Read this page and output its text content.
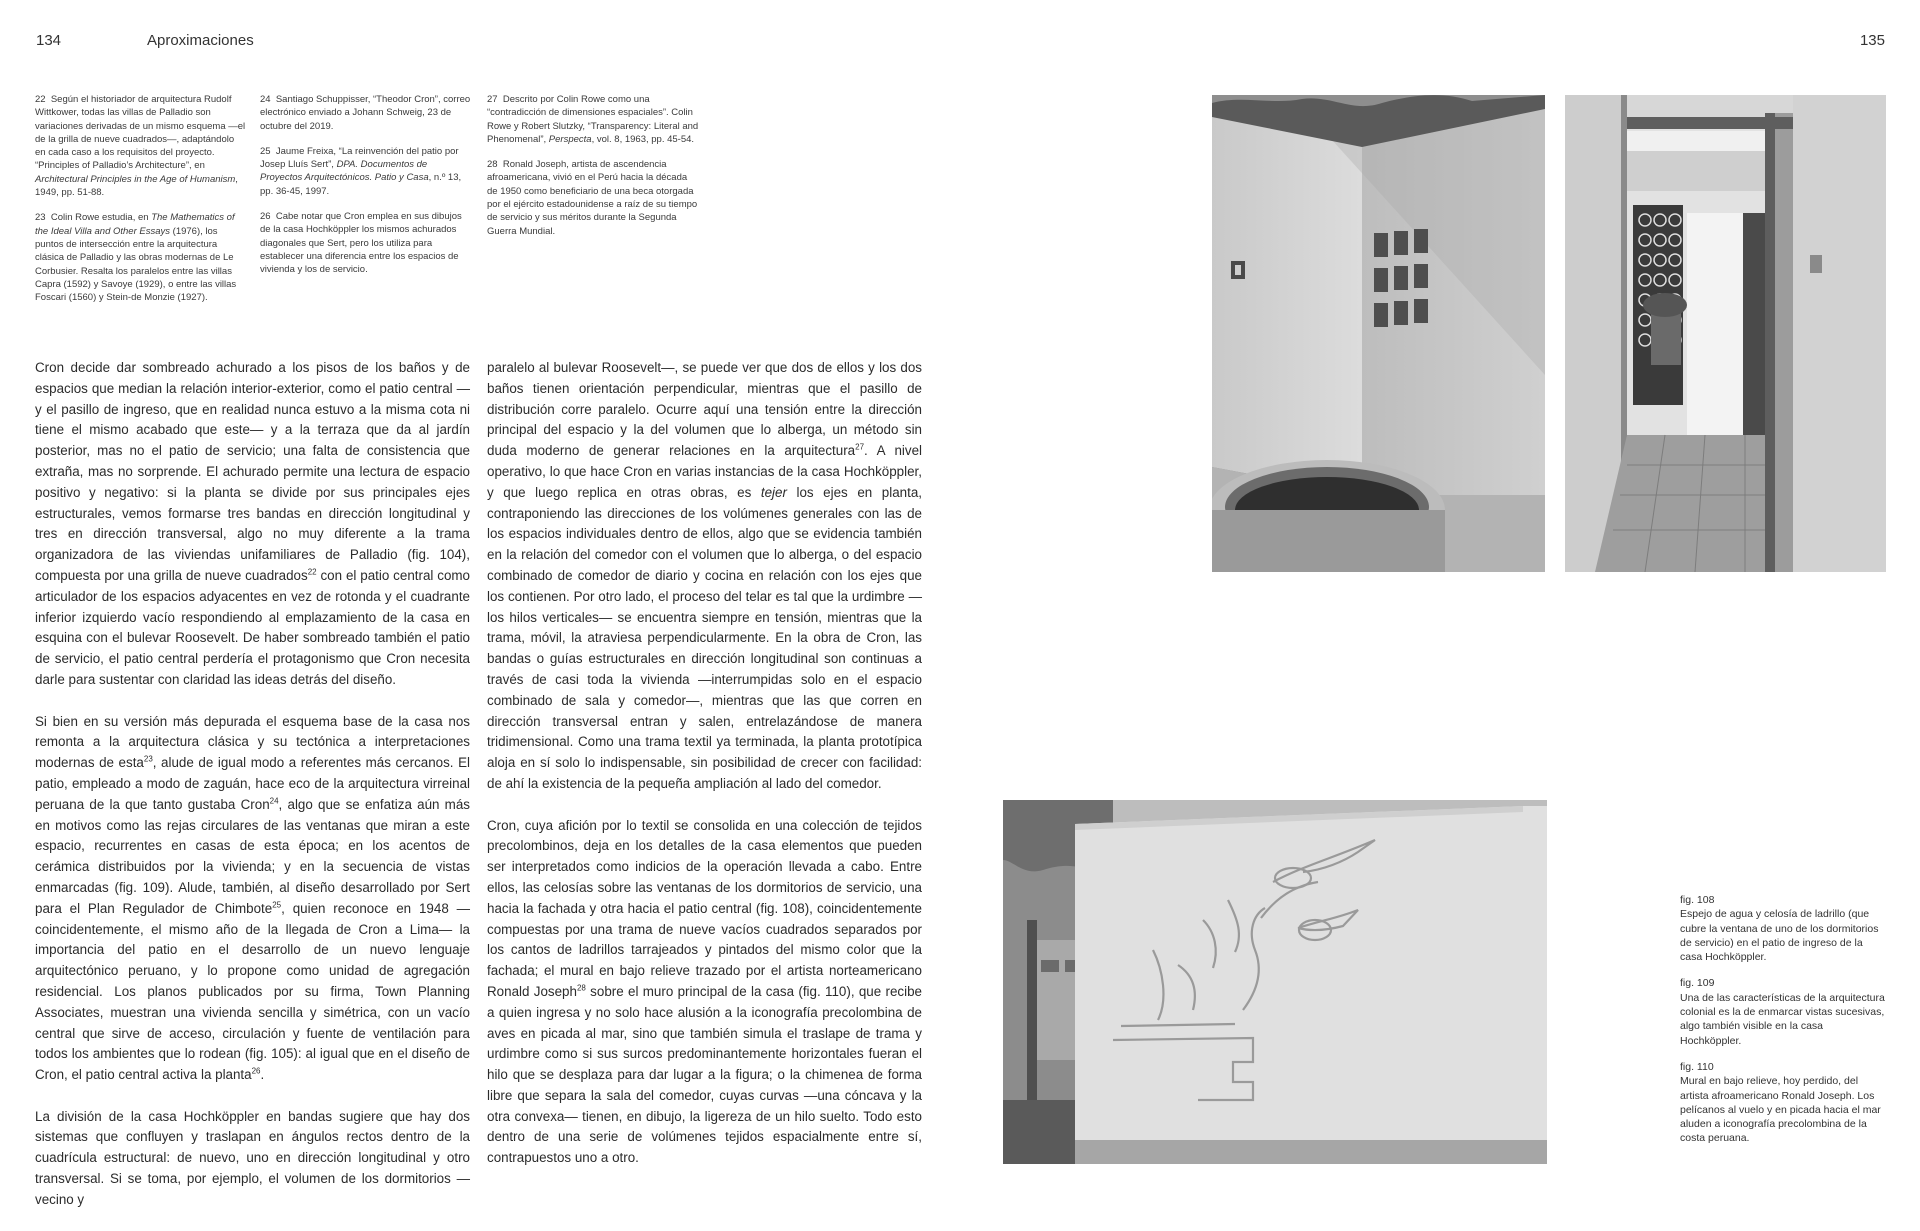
134	Aproximaciones	135

22  Según el historiador de arquitectura Rudolf Wittkower, todas las villas de Palladio son variaciones derivadas de un mismo esquema —el de la grilla de nueve cuadrados—, adaptándolo en cada caso a los requisitos del proyecto. “Principles of Palladio’s Architecture”, en Architectural Principles in the Age of Humanism, 1949, pp. 51-88.

23  Colin Rowe estudia, en The Mathematics of the Ideal Villa and Other Essays (1976), los puntos de intersección entre la arquitectura clásica de Palladio y las obras modernas de Le Corbusier. Resalta los paralelos entre las villas Capra (1592) y Savoye (1929), o entre las villas Foscari (1560) y Stein-de Monzie (1927).

24  Santiago Schuppisser, “Theodor Cron”, correo electrónico enviado a Johann Schweig, 23 de octubre del 2019.

25  Jaume Freixa, “La reinvención del patio por Josep Lluís Sert”, DPA. Documentos de Proyectos Arquitectónicos. Patio y Casa, n.º 13, pp. 36-45, 1997.

26  Cabe notar que Cron emplea en sus dibujos de la casa Hochköppler los mismos achurados diagonales que Sert, pero los utiliza para establecer una diferencia entre los espacios de vivienda y los de servicio.

27  Descrito por Colin Rowe como una “contradicción de dimensiones espaciales”. Colin Rowe y Robert Slutzky, “Transparency: Literal and Phenomenal”, Perspecta, vol. 8, 1963, pp. 45-54.

28  Ronald Joseph, artista de ascendencia afroamericana, vivió en el Perú hacia la década de 1950 como beneficiario de una beca otorgada por el ejército estadounidense a raíz de su tiempo de servicio y sus méritos durante la Segunda Guerra Mundial.

Cron decide dar sombreado achurado a los pisos de los baños y de espacios que median la relación interior-exterior, como el patio central —y el pasillo de ingreso, que en realidad nunca estuvo a la misma cota ni tiene el mismo acabado que este— y a la terraza que da al jardín posterior, mas no el patio de servicio; una falta de consistencia que extraña, mas no sorprende. El achurado permite una lectura de espacio positivo y negativo: si la planta se divide por sus principales ejes estructurales, vemos formarse tres bandas en dirección longitudinal y tres en dirección transversal, algo no muy diferente a la trama organizadora de las viviendas unifamiliares de Palladio (fig. 104), compuesta por una grilla de nueve cuadrados$^{22}$ con el patio central como articulador de los espacios adyacentes en vez de rotonda y el cuadrante inferior izquierdo vacío respondiendo al emplazamiento de la casa en esquina con el bulevar Roosevelt. De haber sombreado también el patio de servicio, el patio central perdería el protagonismo que Cron necesita darle para sustentar con claridad las ideas detrás del diseño.

Si bien en su versión más depurada el esquema base de la casa nos remonta a la arquitectura clásica y su tectónica a interpretaciones modernas de esta$^{23}$, alude de igual modo a referentes más cercanos. El patio, empleado a modo de zaguán, hace eco de la arquitectura virreinal peruana de la que tanto gustaba Cron$^{24}$, algo que se enfatiza aún más en motivos como las rejas circulares de las ventanas que miran a este espacio, recurrentes en casas de esta época; en los acentos de cerámica distribuidos por la vivienda; y en la secuencia de vistas enmarcadas (fig. 109). Alude, también, al diseño desarrollado por Sert para el Plan Regulador de Chimbote$^{25}$, quien reconoce en 1948 —coincidentemente, el mismo año de la llegada de Cron a Lima— la importancia del patio en el desarrollo de un nuevo lenguaje arquitectónico peruano, y lo propone como unidad de agregación residencial. Los planos publicados por su firma, Town Planning Associates, muestran una vivienda sencilla y simétrica, con un vacío central que sirve de acceso, circulación y fuente de ventilación para todos los ambientes que lo rodean (fig. 105): al igual que en el diseño de Cron, el patio central activa la planta$^{26}$.

La división de la casa Hochköppler en bandas sugiere que hay dos sistemas que confluyen y traslapan en ángulos rectos dentro de la cuadrícula estructural: de nuevo, uno en dirección longitudinal y otro transversal. Si se toma, por ejemplo, el volumen de los dormitorios —vecino y

paralelo al bulevar Roosevelt—, se puede ver que dos de ellos y los dos baños tienen orientación perpendicular, mientras que el pasillo de distribución corre paralelo. Ocurre aquí una tensión entre la dirección principal del espacio y la del volumen que lo alberga, un método sin duda moderno de generar relaciones en la arquitectura$^{27}$. A nivel operativo, lo que hace Cron en varias instancias de la casa Hochköppler, y que luego replica en otras obras, es tejer los ejes en planta, contraponiendo las direcciones de los volúmenes generales con las de los espacios individuales dentro de ellos, algo que se evidencia también en la relación del comedor con el volumen que lo alberga, o del espacio combinado de comedor de diario y cocina en relación con los ejes que los contienen. Por otro lado, el proceso del telar es tal que la urdimbre —los hilos verticales— se encuentra siempre en tensión, mientras que la trama, móvil, la atraviesa perpendicularmente. En la obra de Cron, las bandas o guías estructurales en dirección longitudinal son continuas a través de casi toda la vivienda —interrumpidas solo en el espacio combinado de sala y comedor—, mientras que las que corren en dirección transversal entran y salen, entrelazándose de manera tridimensional. Como una trama textil ya terminada, la planta prototípica aloja en sí solo lo indispensable, sin posibilidad de crecer con facilidad: de ahí la existencia de la pequeña ampliación al lado del comedor.

Cron, cuya afición por lo textil se consolida en una colección de tejidos precolombinos, deja en los detalles de la casa elementos que pueden ser interpretados como indicios de la operación llevada a cabo. Entre ellos, las celosías sobre las ventanas de los dormitorios de servicio, una hacia la fachada y otra hacia el patio central (fig. 108), coincidentemente compuestas por una trama de nueve vacíos cuadrados separados por los cantos de ladrillos tarrajeados y pintados del mismo color que la fachada; el mural en bajo relieve trazado por el artista norteamericano Ronald Joseph$^{28}$ sobre el muro principal de la casa (fig. 110), que recibe a quien ingresa y no solo hace alusión a la iconografía precolombina de aves en picada al mar, sino que también simula el traslape de trama y urdimbre como si sus surcos predominantemente horizontales fueran el hilo que se desplaza para dar lugar a la figura; o la chimenea de forma libre que separa la sala del comedor, cuyas curvas —una cóncava y la otra convexa— tienen, en dibujo, la ligereza de un hilo suelto. Todo esto dentro de una serie de volúmenes tejidos espacialmente entre sí, contrapuestos uno a otro.

fig. 108
Espejo de agua y celosía de ladrillo (que cubre la ventana de uno de los dormitorios de servicio) en el patio de ingreso de la casa Hochköppler.
fig. 109
Una de las características de la arquitectura colonial es la de enmarcar vistas sucesivas, algo también visible en la casa Hochköppler.
fig. 110
Mural en bajo relieve, hoy perdido, del artista afroamericano Ronald Joseph. Los pelícanos al vuelo y en picada hacia el mar aluden a iconografía precolombina de la costa peruana.
